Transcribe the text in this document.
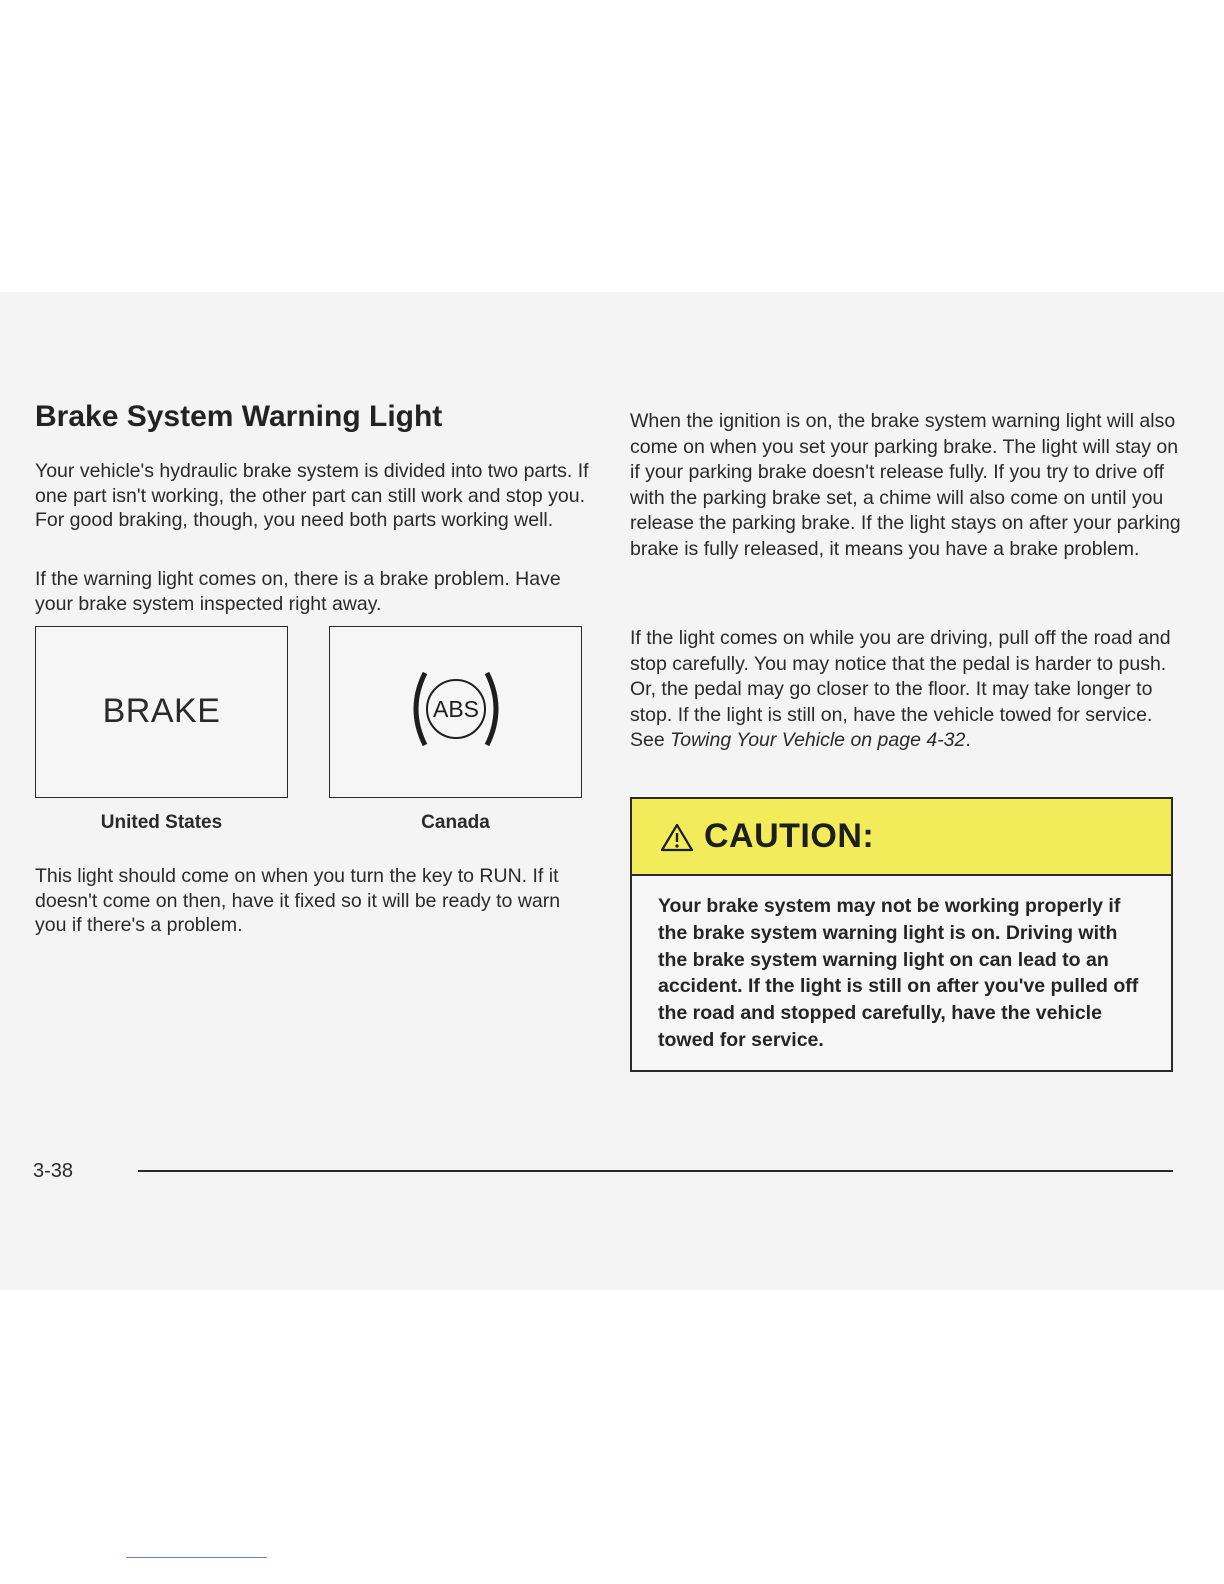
Brake System Warning Light

Your vehicle's hydraulic brake system is divided into two parts. If one part isn't working, the other part can still work and stop you. For good braking, though, you need both parts working well.

If the warning light comes on, there is a brake problem. Have your brake system inspected right away.

BRAKE	ABS
United States	Canada

This light should come on when you turn the key to RUN. If it doesn't come on then, have it fixed so it will be ready to warn you if there's a problem.

When the ignition is on, the brake system warning light will also come on when you set your parking brake. The light will stay on if your parking brake doesn't release fully. If you try to drive off with the parking brake set, a chime will also come on until you release the parking brake. If the light stays on after your parking brake is fully released, it means you have a brake problem.

If the light comes on while you are driving, pull off the road and stop carefully. You may notice that the pedal is harder to push. Or, the pedal may go closer to the floor. It may take longer to stop. If the light is still on, have the vehicle towed for service. See Towing Your Vehicle on page 4-32.

CAUTION:

Your brake system may not be working properly if the brake system warning light is on. Driving with the brake system warning light on can lead to an accident. If the light is still on after you've pulled off the road and stopped carefully, have the vehicle towed for service.

3-38
